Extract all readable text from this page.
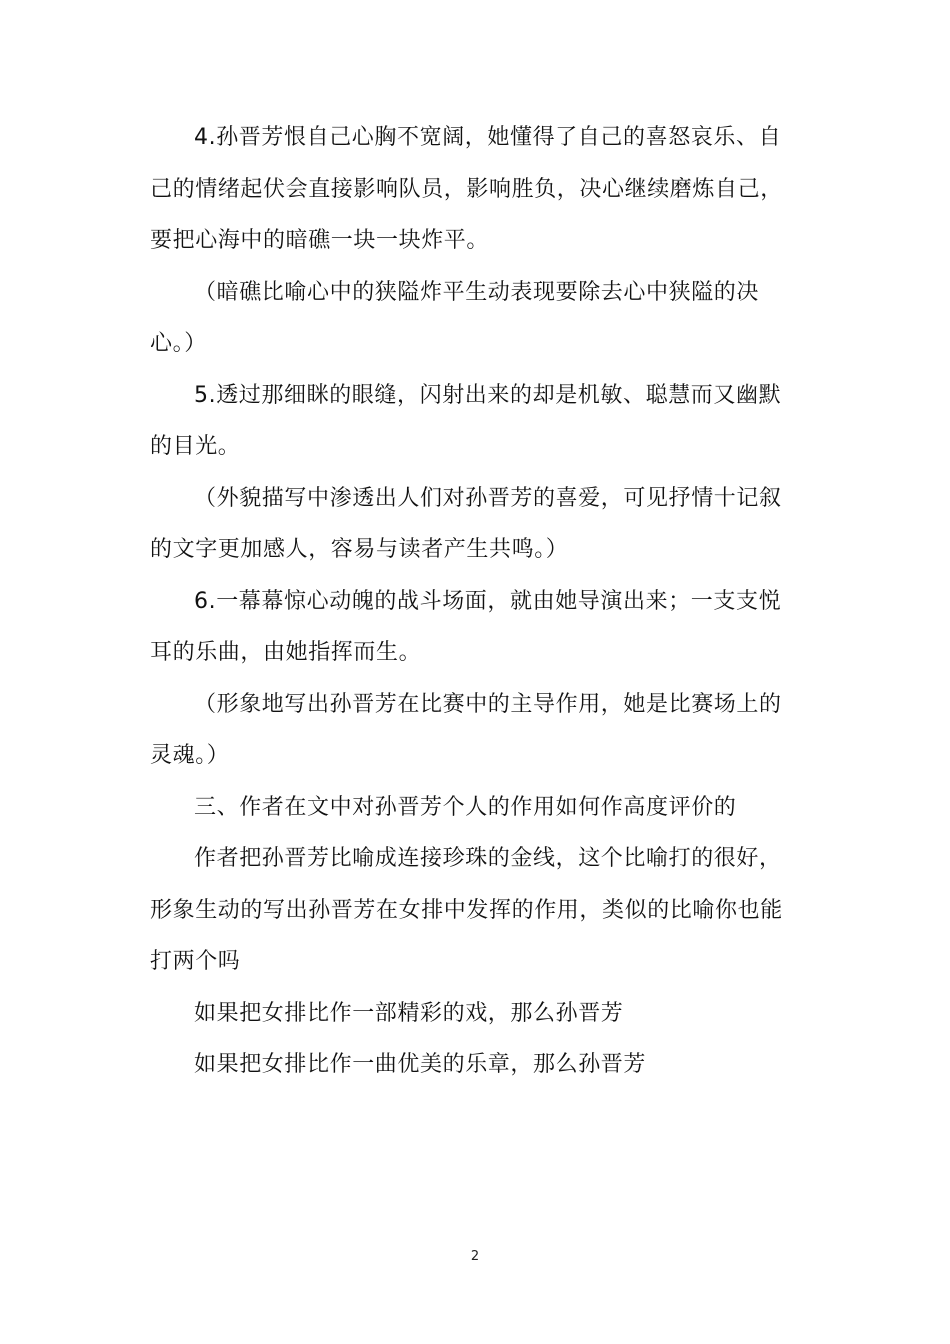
4.孙晋芳恨自己心胸不宽阔，她懂得了自己的喜怒哀乐、自己的情绪起伏会直接影响队员，影响胜负，决心继续磨炼自己，要把心海中的暗礁一块一块炸平。

（暗礁比喻心中的狭隘炸平生动表现要除去心中狭隘的决

心。）

5.透过那细眯的眼缝，闪射出来的却是机敏、聪慧而又幽默的目光。

（外貌描写中渗透出人们对孙晋芳的喜爱，可见抒情十记叙的文字更加感人，容易与读者产生共鸣。）

6.一幕幕惊心动魄的战斗场面，就由她导演出来；一支支悦耳的乐曲，由她指挥而生。

（形象地写出孙晋芳在比赛中的主导作用，她是比赛场上的灵魂。）

三、作者在文中对孙晋芳个人的作用如何作高度评价的

作者把孙晋芳比喻成连接珍珠的金线，这个比喻打的很好，形象生动的写出孙晋芳在女排中发挥的作用，类似的比喻你也能打两个吗

如果把女排比作一部精彩的戏，那么孙晋芳

如果把女排比作一曲优美的乐章，那么孙晋芳

2
